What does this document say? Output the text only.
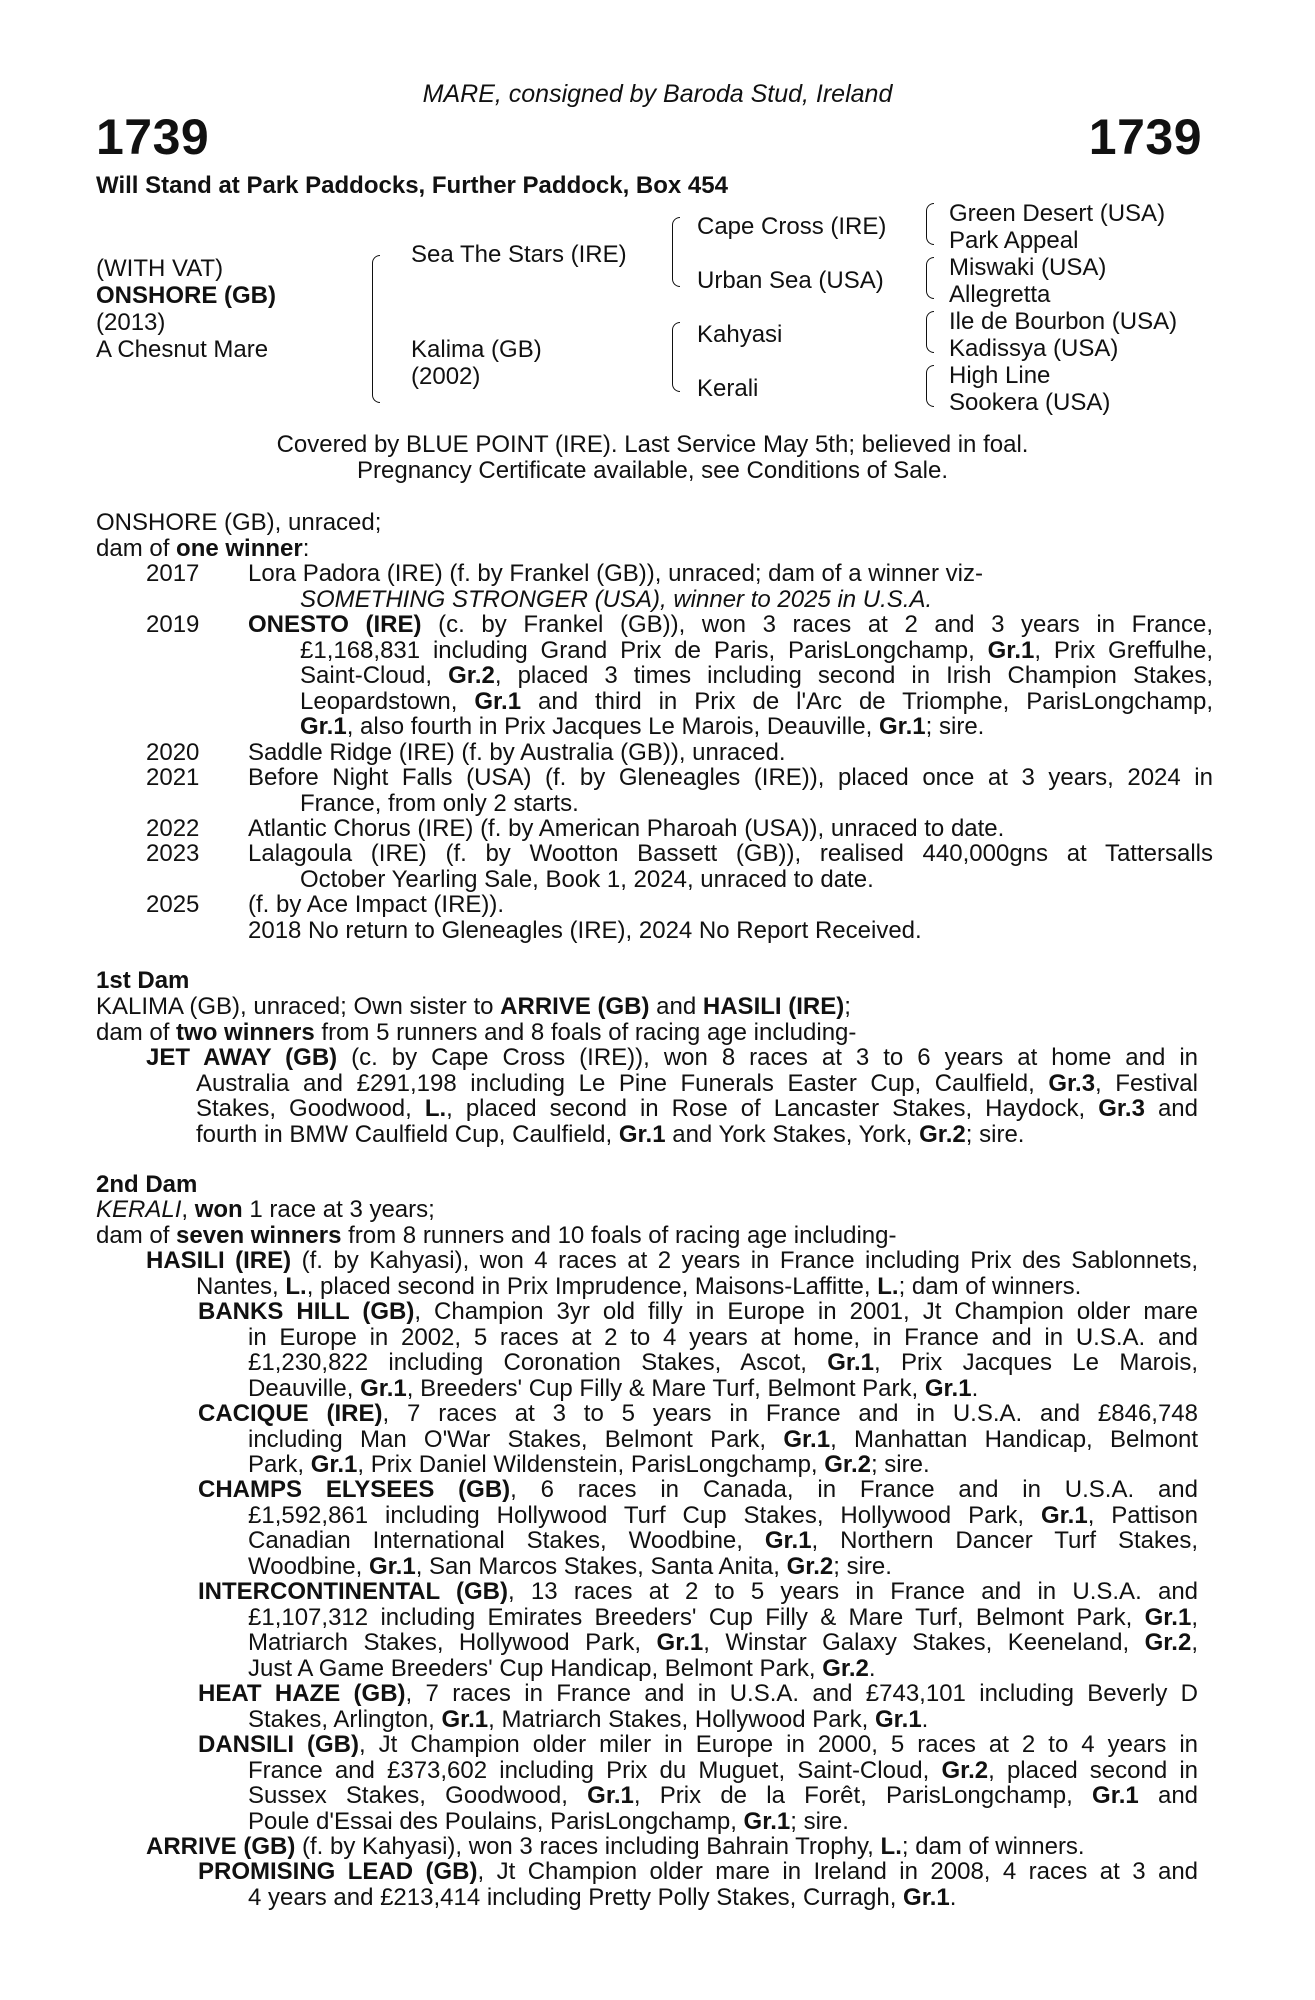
MARE, consigned by Baroda Stud, Ireland
1739	1739
Will Stand at Park Paddocks, Further Paddock, Box 454
(WITH VAT)
ONSHORE (GB)
(2013)
A Chesnut Mare
Sea The Stars (IRE)
Kalima (GB)
(2002)
Cape Cross (IRE)
Urban Sea (USA)
Kahyasi
Kerali
Green Desert (USA)
Park Appeal
Miswaki (USA)
Allegretta
Ile de Bourbon (USA)
Kadissya (USA)
High Line
Sookera (USA)
Covered by BLUE POINT (IRE). Last Service May 5th; believed in foal.
Pregnancy Certificate available, see Conditions of Sale.
ONSHORE (GB), unraced;
dam of one winner:
2017 Lora Padora (IRE) (f. by Frankel (GB)), unraced; dam of a winner viz-
SOMETHING STRONGER (USA), winner to 2025 in U.S.A.
2019 ONESTO (IRE) (c. by Frankel (GB)), won 3 races at 2 and 3 years in France,
£1,168,831 including Grand Prix de Paris, ParisLongchamp, Gr.1, Prix Greffulhe,
Saint-Cloud, Gr.2, placed 3 times including second in Irish Champion Stakes,
Leopardstown, Gr.1 and third in Prix de l'Arc de Triomphe, ParisLongchamp,
Gr.1, also fourth in Prix Jacques Le Marois, Deauville, Gr.1; sire.
2020 Saddle Ridge (IRE) (f. by Australia (GB)), unraced.
2021 Before Night Falls (USA) (f. by Gleneagles (IRE)), placed once at 3 years, 2024 in
France, from only 2 starts.
2022 Atlantic Chorus (IRE) (f. by American Pharoah (USA)), unraced to date.
2023 Lalagoula (IRE) (f. by Wootton Bassett (GB)), realised 440,000gns at Tattersalls
October Yearling Sale, Book 1, 2024, unraced to date.
2025 (f. by Ace Impact (IRE)).
2018 No return to Gleneagles (IRE), 2024 No Report Received.
1st Dam
KALIMA (GB), unraced; Own sister to ARRIVE (GB) and HASILI (IRE);
dam of two winners from 5 runners and 8 foals of racing age including-
JET AWAY (GB) (c. by Cape Cross (IRE)), won 8 races at 3 to 6 years at home and in
Australia and £291,198 including Le Pine Funerals Easter Cup, Caulfield, Gr.3, Festival
Stakes, Goodwood, L., placed second in Rose of Lancaster Stakes, Haydock, Gr.3 and
fourth in BMW Caulfield Cup, Caulfield, Gr.1 and York Stakes, York, Gr.2; sire.
2nd Dam
KERALI, won 1 race at 3 years;
dam of seven winners from 8 runners and 10 foals of racing age including-
HASILI (IRE) (f. by Kahyasi), won 4 races at 2 years in France including Prix des Sablonnets,
Nantes, L., placed second in Prix Imprudence, Maisons-Laffitte, L.; dam of winners.
BANKS HILL (GB), Champion 3yr old filly in Europe in 2001, Jt Champion older mare
in Europe in 2002, 5 races at 2 to 4 years at home, in France and in U.S.A. and
£1,230,822 including Coronation Stakes, Ascot, Gr.1, Prix Jacques Le Marois,
Deauville, Gr.1, Breeders' Cup Filly & Mare Turf, Belmont Park, Gr.1.
CACIQUE (IRE), 7 races at 3 to 5 years in France and in U.S.A. and £846,748
including Man O'War Stakes, Belmont Park, Gr.1, Manhattan Handicap, Belmont
Park, Gr.1, Prix Daniel Wildenstein, ParisLongchamp, Gr.2; sire.
CHAMPS ELYSEES (GB), 6 races in Canada, in France and in U.S.A. and
£1,592,861 including Hollywood Turf Cup Stakes, Hollywood Park, Gr.1, Pattison
Canadian International Stakes, Woodbine, Gr.1, Northern Dancer Turf Stakes,
Woodbine, Gr.1, San Marcos Stakes, Santa Anita, Gr.2; sire.
INTERCONTINENTAL (GB), 13 races at 2 to 5 years in France and in U.S.A. and
£1,107,312 including Emirates Breeders' Cup Filly & Mare Turf, Belmont Park, Gr.1,
Matriarch Stakes, Hollywood Park, Gr.1, Winstar Galaxy Stakes, Keeneland, Gr.2,
Just A Game Breeders' Cup Handicap, Belmont Park, Gr.2.
HEAT HAZE (GB), 7 races in France and in U.S.A. and £743,101 including Beverly D
Stakes, Arlington, Gr.1, Matriarch Stakes, Hollywood Park, Gr.1.
DANSILI (GB), Jt Champion older miler in Europe in 2000, 5 races at 2 to 4 years in
France and £373,602 including Prix du Muguet, Saint-Cloud, Gr.2, placed second in
Sussex Stakes, Goodwood, Gr.1, Prix de la Forêt, ParisLongchamp, Gr.1 and
Poule d'Essai des Poulains, ParisLongchamp, Gr.1; sire.
ARRIVE (GB) (f. by Kahyasi), won 3 races including Bahrain Trophy, L.; dam of winners.
PROMISING LEAD (GB), Jt Champion older mare in Ireland in 2008, 4 races at 3 and
4 years and £213,414 including Pretty Polly Stakes, Curragh, Gr.1.
